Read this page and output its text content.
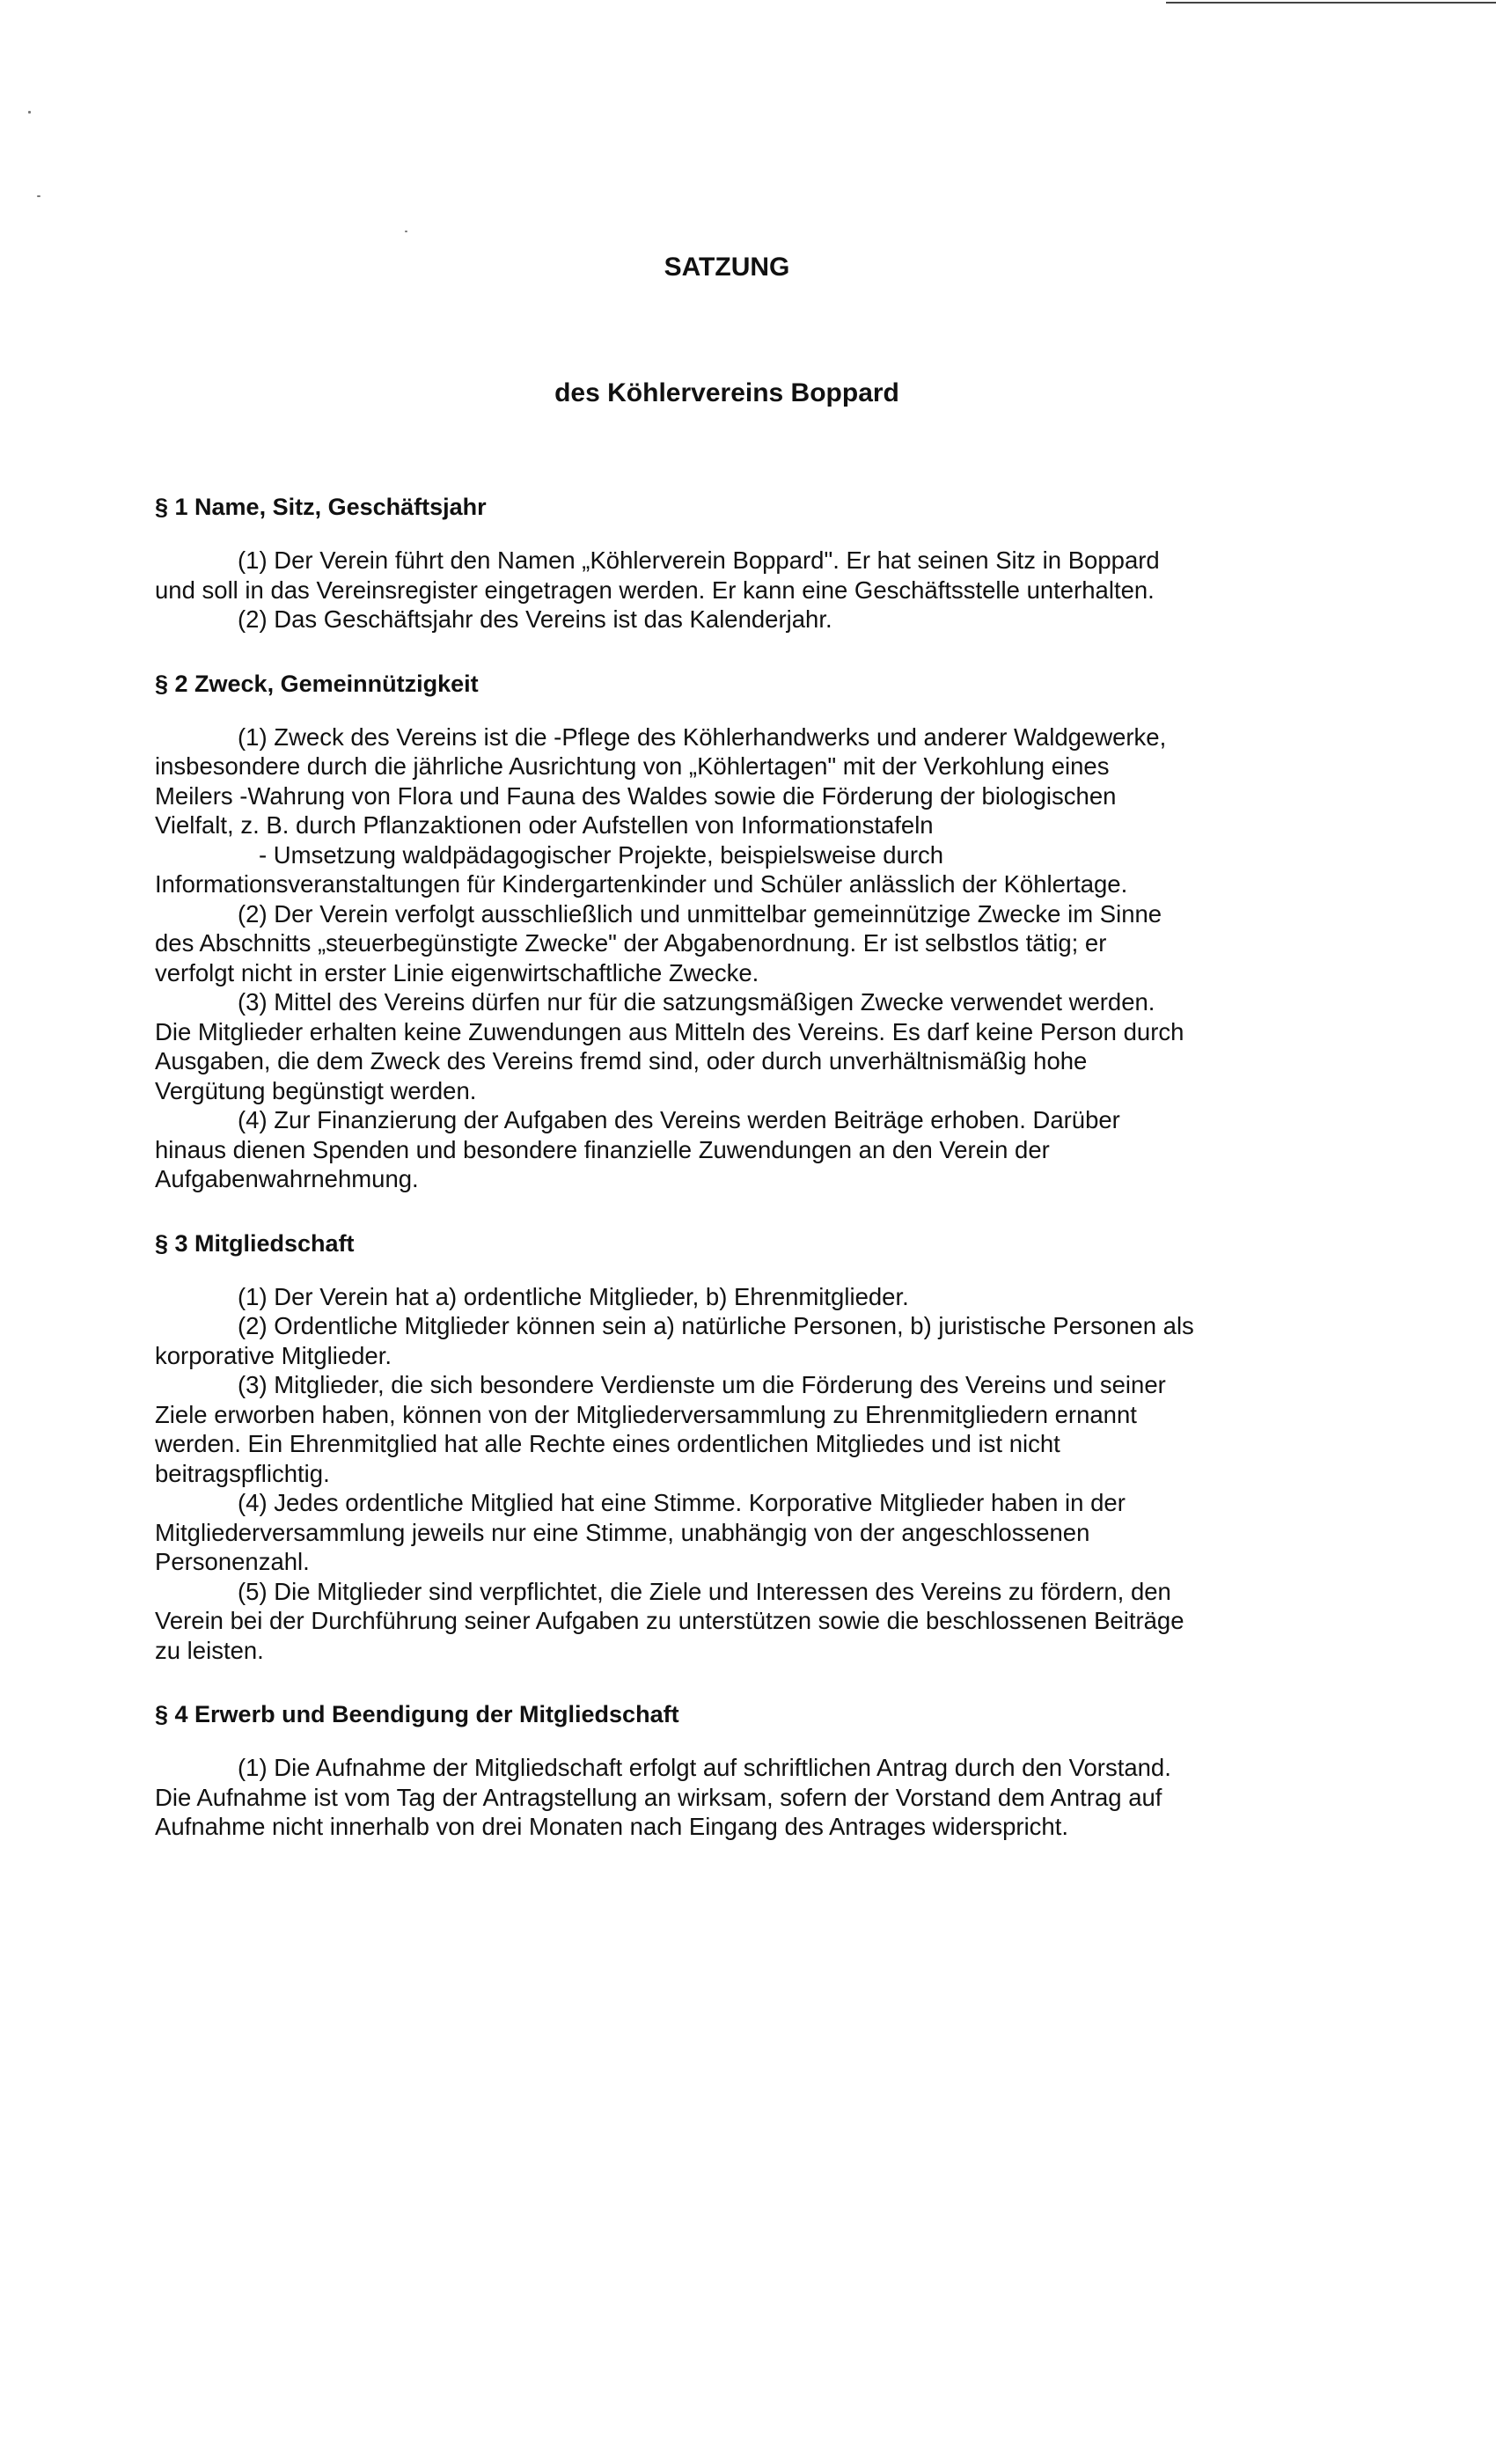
SATZUNG
des Köhlervereins Boppard
§ 1 Name, Sitz, Geschäftsjahr

(1) Der Verein führt den Namen „Köhlerverein Boppard". Er hat seinen Sitz in Boppard
und soll in das Vereinsregister eingetragen werden. Er kann eine Geschäftsstelle unterhalten.
(2) Das Geschäftsjahr des Vereins ist das Kalenderjahr.

§ 2 Zweck, Gemeinnützigkeit

(1) Zweck des Vereins ist die -Pflege des Köhlerhandwerks und anderer Waldgewerke,
insbesondere durch die jährliche Ausrichtung von „Köhlertagen" mit der Verkohlung eines
Meilers -Wahrung von Flora und Fauna des Waldes sowie die Förderung der biologischen
Vielfalt, z. B. durch Pflanzaktionen oder Aufstellen von Informationstafeln
- Umsetzung waldpädagogischer Projekte, beispielsweise durch
Informationsveranstaltungen für Kindergartenkinder und Schüler anlässlich der Köhlertage.
(2) Der Verein verfolgt ausschließlich und unmittelbar gemeinnützige Zwecke im Sinne
des Abschnitts „steuerbegünstigte Zwecke" der Abgabenordnung. Er ist selbstlos tätig; er
verfolgt nicht in erster Linie eigenwirtschaftliche Zwecke.
(3) Mittel des Vereins dürfen nur für die satzungsmäßigen Zwecke verwendet werden.
Die Mitglieder erhalten keine Zuwendungen aus Mitteln des Vereins. Es darf keine Person durch
Ausgaben, die dem Zweck des Vereins fremd sind, oder durch unverhältnismäßig hohe
Vergütung begünstigt werden.
(4) Zur Finanzierung der Aufgaben des Vereins werden Beiträge erhoben. Darüber
hinaus dienen Spenden und besondere finanzielle Zuwendungen an den Verein der
Aufgabenwahrnehmung.

§ 3 Mitgliedschaft

(1) Der Verein hat a) ordentliche Mitglieder, b) Ehrenmitglieder.
(2) Ordentliche Mitglieder können sein a) natürliche Personen, b) juristische Personen als
korporative Mitglieder.
(3) Mitglieder, die sich besondere Verdienste um die Förderung des Vereins und seiner
Ziele erworben haben, können von der Mitgliederversammlung zu Ehrenmitgliedern ernannt
werden. Ein Ehrenmitglied hat alle Rechte eines ordentlichen Mitgliedes und ist nicht
beitragspflichtig.
(4) Jedes ordentliche Mitglied hat eine Stimme. Korporative Mitglieder haben in der
Mitgliederversammlung jeweils nur eine Stimme, unabhängig von der angeschlossenen
Personenzahl.
(5) Die Mitglieder sind verpflichtet, die Ziele und Interessen des Vereins zu fördern, den
Verein bei der Durchführung seiner Aufgaben zu unterstützen sowie die beschlossenen Beiträge
zu leisten.

§ 4 Erwerb und Beendigung der Mitgliedschaft

(1) Die Aufnahme der Mitgliedschaft erfolgt auf schriftlichen Antrag durch den Vorstand.
Die Aufnahme ist vom Tag der Antragstellung an wirksam, sofern der Vorstand dem Antrag auf
Aufnahme nicht innerhalb von drei Monaten nach Eingang des Antrages widerspricht.
